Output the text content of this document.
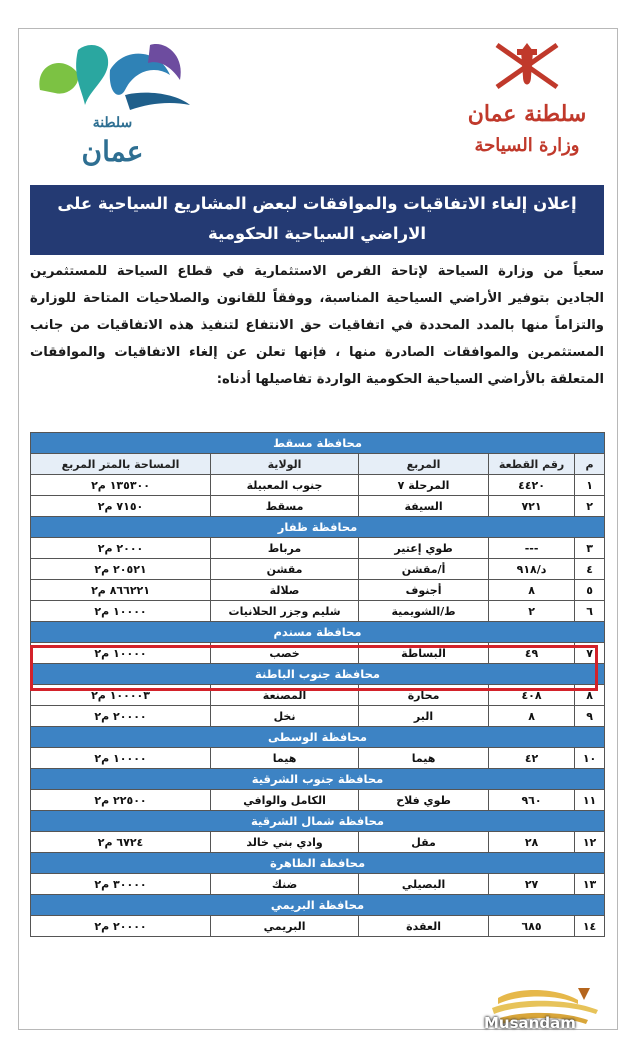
سلطنة
عمان
سلطنة عمان
وزارة السياحة
إعلان إلغاء الاتفاقيات والموافقات لبعض المشاريع السياحية على
الاراضي السياحية الحكومية
سعياً من وزارة السياحة لإتاحة الفرص الاستثمارية في قطاع السياحة للمستثمرين الجادين بتوفير الأراضي السياحية المناسبة، ووفقاً للقانون والصلاحيات المتاحة للوزارة والتزاماً منها بالمدد المحددة في اتفاقيات حق الانتفاع لتنفيذ هذه الاتفاقيات من جانب المستثمرين والموافقات الصادرة منها ، فإنها تعلن عن إلغاء الاتفاقيات والموافقات المتعلقة بالأراضي السياحية الحكومية الواردة تفاصيلها أدناه:
محافظة مسقط				
م	رقم القطعة	المربع	الولاية	المساحة بالمتر المربع
١	٤٤٢٠	المرحلة ٧	جنوب المعبيلة	١٣٥٣٠٠ م٢
٢	٧٢١	السيفة	مسقط	٧١٥٠ م٢
محافظة ظفار				
٣	---	طوي إعتير	مرباط	٢٠٠٠ م٢
٤	د/٩١٨	أ/مقشن	مقشن	٢٠٥٢١ م٢
٥	٨	أجنوف	صلالة	٨٦٦٢٢١ م٢
٦	٢	ط/الشويمية	شليم وجزر الحلانيات	١٠٠٠٠ م٢
محافظة مسندم				
٧	٤٩	البساطة	خصب	١٠٠٠٠ م٢
محافظة جنوب الباطنة				
٨	٤٠٨	محارة	المصنعة	١٠٠٠٠٣ م٢
٩	٨	البر	نخل	٢٠٠٠٠ م٢
محافظة الوسطى				
١٠	٤٢	هيما	هيما	١٠٠٠٠ م٢
محافظة جنوب الشرقية				
١١	٩٦٠	طوي فلاح	الكامل والوافي	٢٢٥٠٠ م٢
محافظة شمال الشرقية				
١٢	٢٨	مقل	وادي بني خالد	٦٧٢٤ م٢
محافظة الظاهرة				
١٣	٢٧	البصيلي	ضنك	٣٠٠٠٠ م٢
محافظة البريمي				
١٤	٦٨٥	العقدة	البريمي	٢٠٠٠٠ م٢
Musandam
